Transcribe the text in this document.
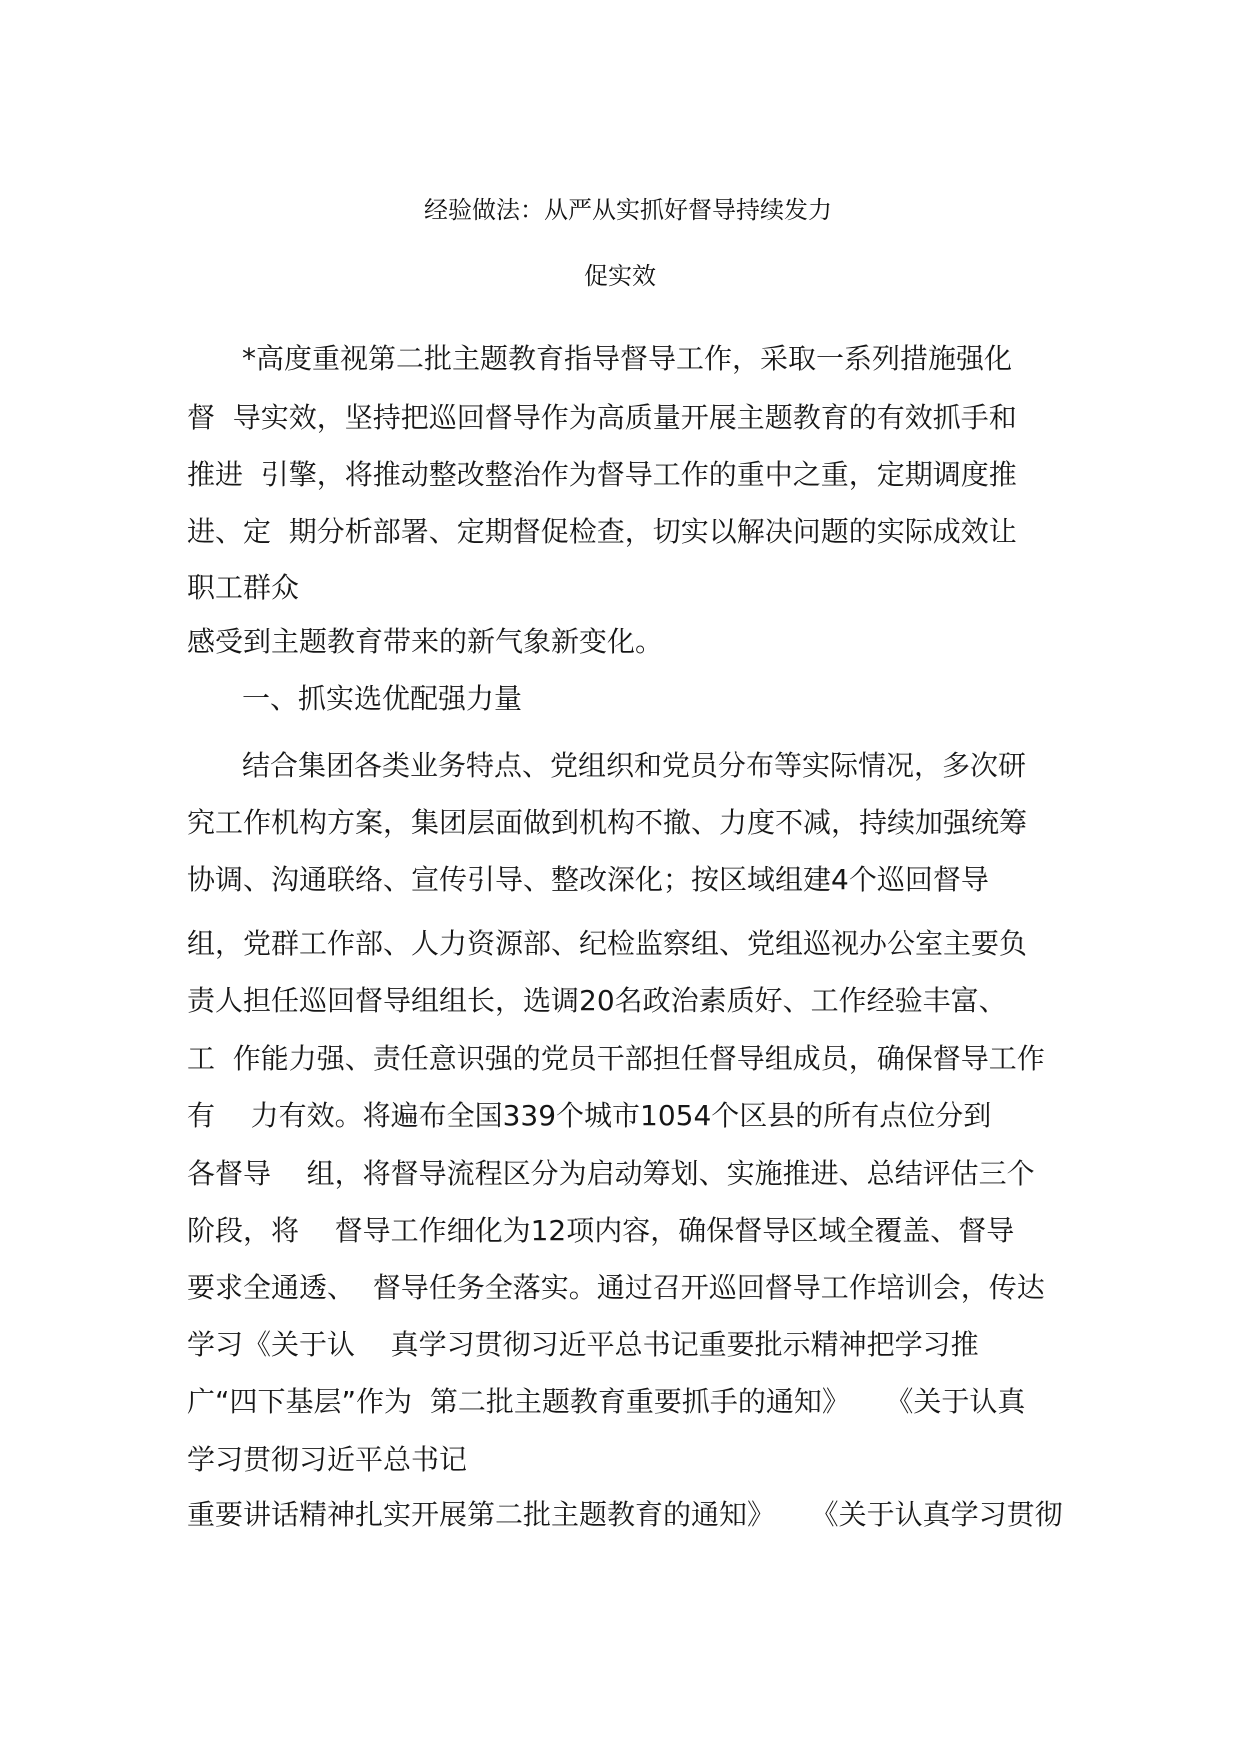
经验做法：从严从实抓好督导持续发力
促实效
*高度重视第二批主题教育指导督导工作，采取一系列措施强化
督  导实效，坚持把巡回督导作为高质量开展主题教育的有效抓手和
推进  引擎，将推动整改整治作为督导工作的重中之重，定期调度推
进、定  期分析部署、定期督促检查，切实以解决问题的实际成效让
职工群众
感受到主题教育带来的新气象新变化。
一、抓实选优配强力量
结合集团各类业务特点、党组织和党员分布等实际情况，多次研
究工作机构方案，集团层面做到机构不撤、力度不减，持续加强统筹
协调、沟通联络、宣传引导、整改深化；按区域组建4个巡回督导
组，党群工作部、人力资源部、纪检监察组、党组巡视办公室主要负
责人担任巡回督导组组长，选调20名政治素质好、工作经验丰富、
工  作能力强、责任意识强的党员干部担任督导组成员，确保督导工作
有    力有效。将遍布全国339个城市1054个区县的所有点位分到
各督导    组，将督导流程区分为启动筹划、实施推进、总结评估三个
阶段，将    督导工作细化为12项内容，确保督导区域全覆盖、督导
要求全通透、  督导任务全落实。通过召开巡回督导工作培训会，传达
学习《关于认    真学习贯彻习近平总书记重要批示精神把学习推
广“四下基层”作为  第二批主题教育重要抓手的通知》    《关于认真
学习贯彻习近平总书记
重要讲话精神扎实开展第二批主题教育的通知》    《关于认真学习贯彻
